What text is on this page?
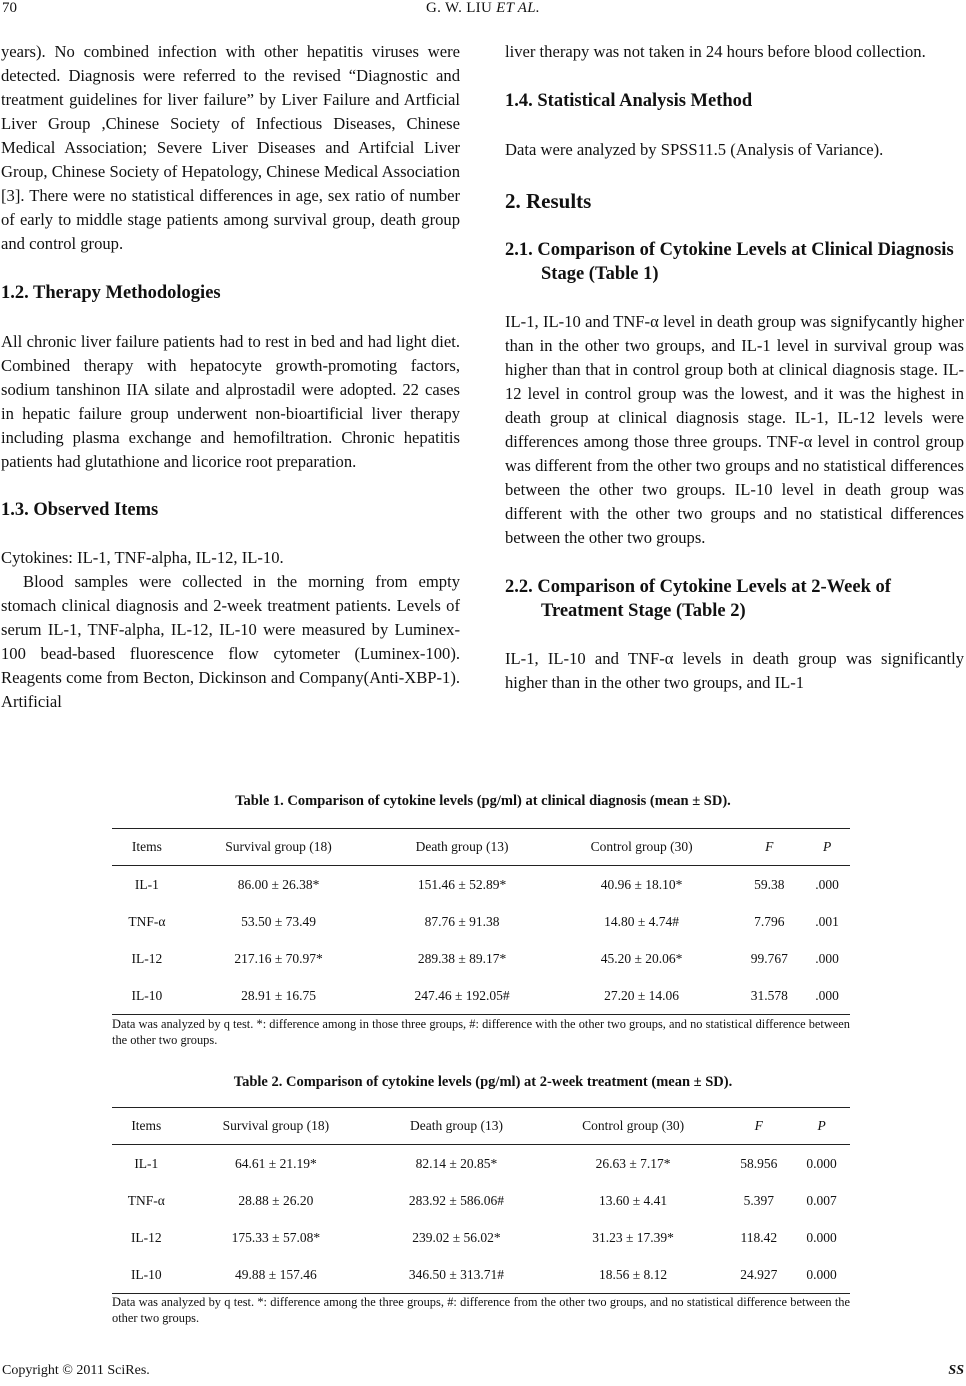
70	G. W. LIU ET AL.

years). No combined infection with other hepatitis viruses were detected. Diagnosis were referred to the revised “Diagnostic and treatment guidelines for liver failure” by Liver Failure and Artficial Liver Group ,Chinese Society of Infectious Diseases, Chinese Medical Association; Severe Liver Diseases and Artifcial Liver Group, Chinese Society of Hepatology, Chinese Medical Association [3]. There were no statistical differences in age, sex ratio of number of early to middle stage patients among survival group, death group and control group.

1.2. Therapy Methodologies

All chronic liver failure patients had to rest in bed and had light diet. Combined therapy with hepatocyte growth-promoting factors, sodium tanshinon IIA silate and alprostadil were adopted. 22 cases in hepatic failure group underwent non-bioartificial liver therapy including plasma exchange and hemofiltration. Chronic hepatitis patients had glutathione and licorice root preparation.

1.3. Observed Items

Cytokines: IL-1, TNF-alpha, IL-12, IL-10.

Blood samples were collected in the morning from empty stomach clinical diagnosis and 2-week treatment patients. Levels of serum IL-1, TNF-alpha, IL-12, IL-10 were measured by Luminex-100 bead-based fluorescence flow cytometer (Luminex-100). Reagents come from Becton, Dickinson and Company(Anti-XBP-1). Artificial

liver therapy was not taken in 24 hours before blood collection.

1.4. Statistical Analysis Method

Data were analyzed by SPSS11.5 (Analysis of Variance).

2. Results
2.1. Comparison of Cytokine Levels at Clinical Diagnosis Stage (Table 1)

IL-1, IL-10 and TNF-α level in death group was signifycantly higher than in the other two groups, and IL-1 level in survival group was higher than that in control group both at clinical diagnosis stage. IL-12 level in control group was the lowest, and it was the highest in death group at clinical diagnosis stage. IL-1, IL-12 levels were differences among those three groups. TNF-α level in control group was different from the other two groups and no statistical differences between the other two groups. IL-10 level in death group was different with the other two groups and no statistical differences between the other two groups.

2.2. Comparison of Cytokine Levels at 2-Week of Treatment Stage (Table 2)

IL-1, IL-10 and TNF-α levels in death group was significantly higher than in the other two groups, and IL-1

Table 1. Comparison of cytokine levels (pg/ml) at clinical diagnosis (mean ± SD).

Items	Survival group (18)	Death group (13)	Control group (30)	F	P
IL-1	86.00 ± 26.38*	151.46 ± 52.89*	40.96 ± 18.10*	59.38	.000
TNF-α	53.50 ± 73.49	87.76 ± 91.38	14.80 ± 4.74#	7.796	.001
IL-12	217.16 ± 70.97*	289.38 ± 89.17*	45.20 ± 20.06*	99.767	.000
IL-10	28.91 ± 16.75	247.46 ± 192.05#	27.20 ± 14.06	31.578	.000

Data was analyzed by q test. *: difference among in those three groups, #: difference with the other two groups, and no statistical difference between the other two groups.

Table 2. Comparison of cytokine levels (pg/ml) at 2-week treatment (mean ± SD).

Items	Survival group (18)	Death group (13)	Control group (30)	F	P
IL-1	64.61 ± 21.19*	82.14 ± 20.85*	26.63 ± 7.17*	58.956	0.000
TNF-α	28.88 ± 26.20	283.92 ± 586.06#	13.60 ± 4.41	5.397	0.007
IL-12	175.33 ± 57.08*	239.02 ± 56.02*	31.23 ± 17.39*	118.42	0.000
IL-10	49.88 ± 157.46	346.50 ± 313.71#	18.56 ± 8.12	24.927	0.000

Data was analyzed by q test. *: difference among the three groups, #: difference from the other two groups, and no statistical difference between the other two groups.

Copyright © 2011 SciRes.	SS
